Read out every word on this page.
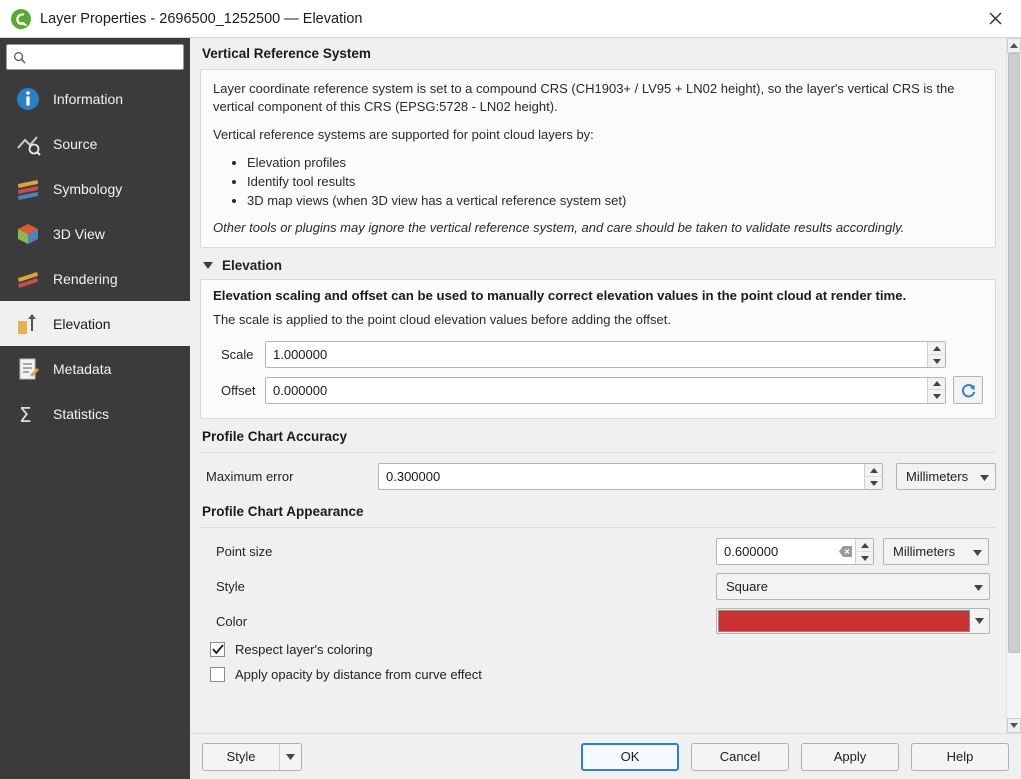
Layer Properties - 2696500_1252500 — Elevation
Information
Source
Symbology
3D View
Rendering
Elevation
Metadata
Σ Statistics
Vertical Reference System

Layer coordinate reference system is set to a compound CRS (CH1903+ / LV95 + LN02 height), so the layer's vertical CRS is the vertical component of this CRS (EPSG:5728 - LN02 height).

Vertical reference systems are supported for point cloud layers by:

• Elevation profiles
• Identify tool results
• 3D map views (when 3D view has a vertical reference system set)

Other tools or plugins may ignore the vertical reference system, and care should be taken to validate results accordingly.

Elevation
Elevation scaling and offset can be used to manually correct elevation values in the point cloud at render time.
The scale is applied to the point cloud elevation values before adding the offset.
Scale	1.000000
Offset	0.000000
Profile Chart Accuracy
Maximum error	0.300000	Millimeters
Profile Chart Appearance
Point size	0.600000	Millimeters
Style	Square
Color
Respect layer's coloring
Apply opacity by distance from curve effect
Style	OK	Cancel	Apply	Help
